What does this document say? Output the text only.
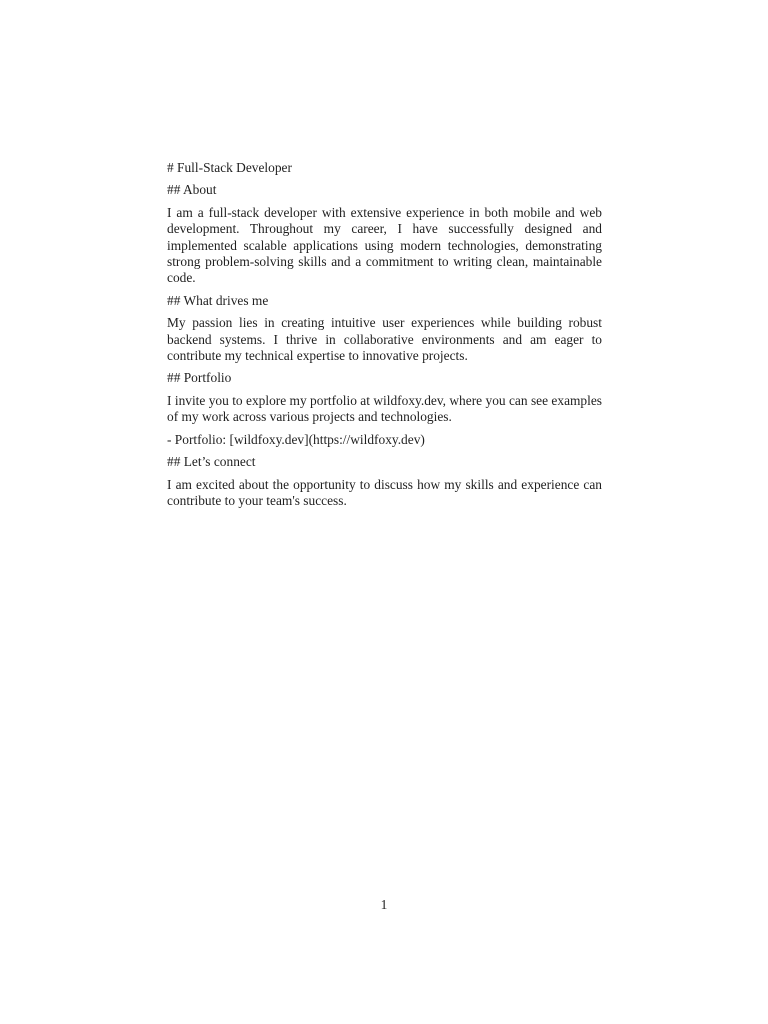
# Full-Stack Developer

## About

I am a full-stack developer with extensive experience in both mobile and web development. Throughout my career, I have successfully designed and implemented scalable applications using modern technologies, demonstrating strong problem-solving skills and a commitment to writing clean, maintainable code.

## What drives me

My passion lies in creating intuitive user experiences while building robust backend systems. I thrive in collaborative environments and am eager to contribute my technical expertise to innovative projects.

## Portfolio

I invite you to explore my portfolio at wildfoxy.dev, where you can see examples of my work across various projects and technologies.

- Portfolio: [wildfoxy.dev](https://wildfoxy.dev)

## Let’s connect

I am excited about the opportunity to discuss how my skills and experience can contribute to your team's success.

1
